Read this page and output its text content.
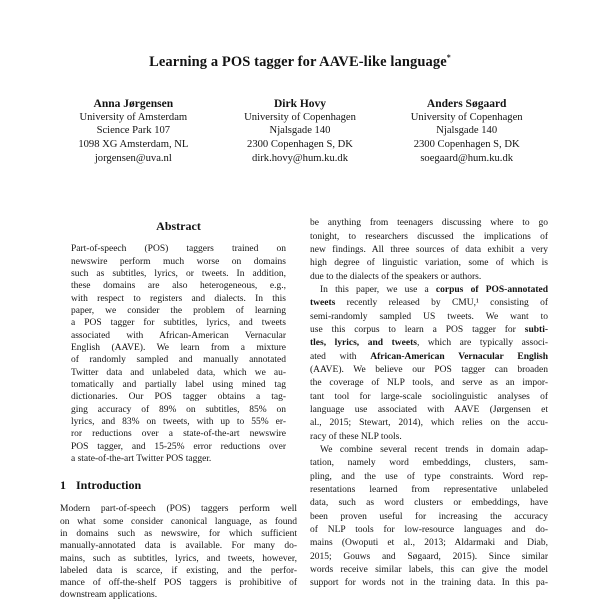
Learning a POS tagger for AAVE-like language*
Anna Jørgensen
University of Amsterdam
Science Park 107
1098 XG Amsterdam, NL
jorgensen@uva.nl
Dirk Hovy
University of Copenhagen
Njalsgade 140
2300 Copenhagen S, DK
dirk.hovy@hum.ku.dk
Anders Søgaard
University of Copenhagen
Njalsgade 140
2300 Copenhagen S, DK
soegaard@hum.ku.dk
Abstract
Part-of-speech (POS) taggers trained on
newswire perform much worse on domains
such as subtitles, lyrics, or tweets. In addition,
these domains are also heterogeneous, e.g.,
with respect to registers and dialects. In this
paper, we consider the problem of learning
a POS tagger for subtitles, lyrics, and tweets
associated with African-American Vernacular
English (AAVE). We learn from a mixture
of randomly sampled and manually annotated
Twitter data and unlabeled data, which we au-
tomatically and partially label using mined tag
dictionaries. Our POS tagger obtains a tag-
ging accuracy of 89% on subtitles, 85% on
lyrics, and 83% on tweets, with up to 55% er-
ror reductions over a state-of-the-art newswire
POS tagger, and 15-25% error reductions over
a state-of-the-art Twitter POS tagger.
1 Introduction
Modern part-of-speech (POS) taggers perform well
on what some consider canonical language, as found
in domains such as newswire, for which sufficient
manually-annotated data is available. For many do-
mains, such as subtitles, lyrics, and tweets, however,
labeled data is scarce, if existing, and the perfor-
mance of off-the-shelf POS taggers is prohibitive of
downstream applications.
be anything from teenagers discussing where to go
tonight, to researchers discussed the implications of
new findings. All three sources of data exhibit a very
high degree of linguistic variation, some of which is
due to the dialects of the speakers or authors.
In this paper, we use a corpus of POS-annotated
tweets recently released by CMU,¹ consisting of
semi-randomly sampled US tweets. We want to
use this corpus to learn a POS tagger for subti-
tles, lyrics, and tweets, which are typically associ-
ated with African-American Vernacular English
(AAVE). We believe our POS tagger can broaden
the coverage of NLP tools, and serve as an impor-
tant tool for large-scale sociolinguistic analyses of
language use associated with AAVE (Jørgensen et
al., 2015; Stewart, 2014), which relies on the accu-
racy of these NLP tools.
We combine several recent trends in domain adap-
tation, namely word embeddings, clusters, sam-
pling, and the use of type constraints. Word rep-
resentations learned from representative unlabeled
data, such as word clusters or embeddings, have
been proven useful for increasing the accuracy
of NLP tools for low-resource languages and do-
mains (Owoputi et al., 2013; Aldarmaki and Diab,
2015; Gouws and Søgaard, 2015). Since similar
words receive similar labels, this can give the model
support for words not in the training data. In this pa-
